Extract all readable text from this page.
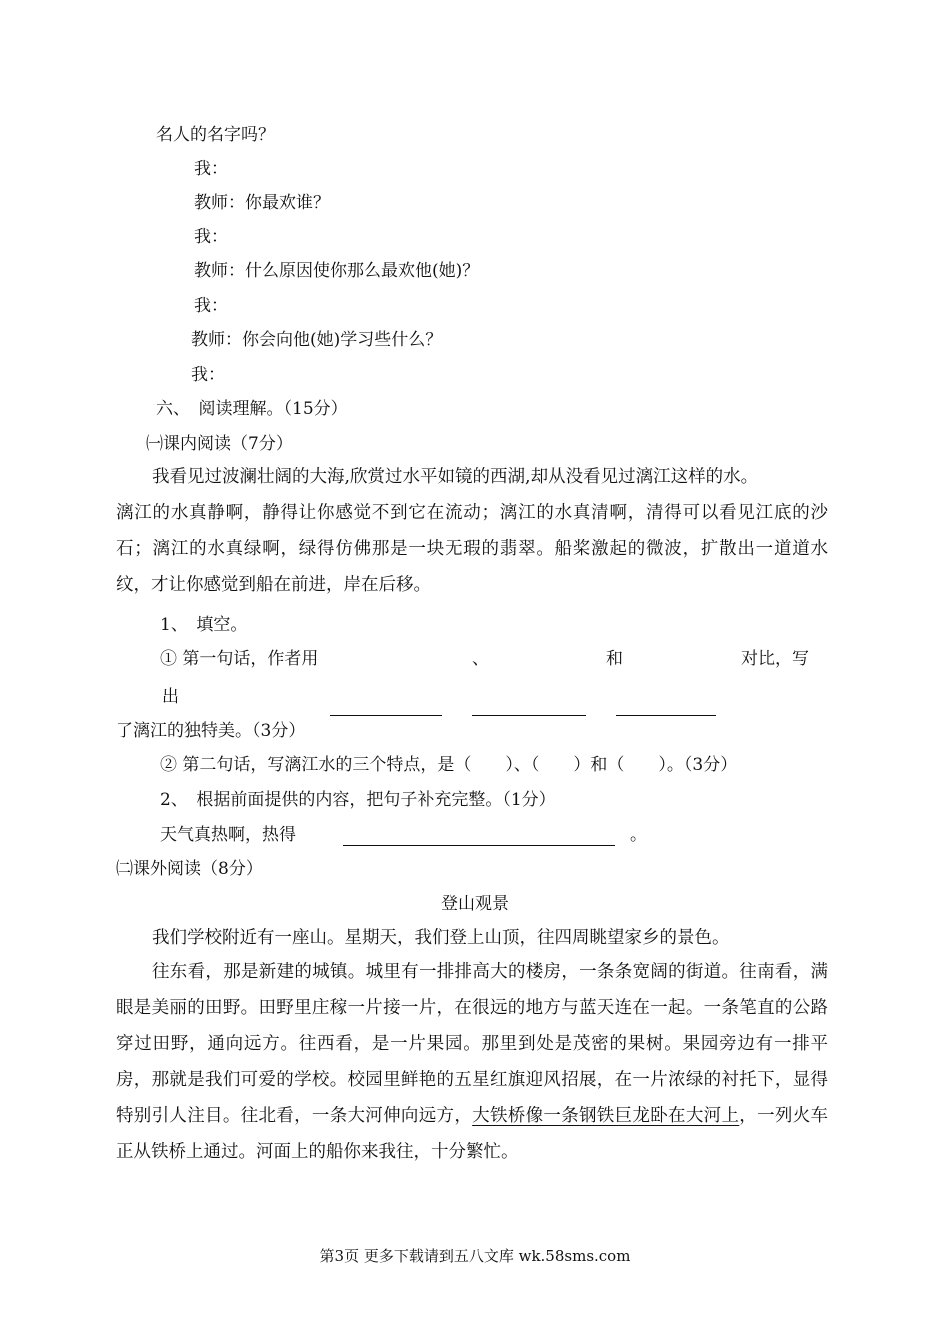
名人的名字吗？
我：
教师：你最欢谁？
我：
教师：什么原因使你那么最欢他(她)？
我：
教师：你会向他(她)学习些什么？
我：
六、　阅读理解。（15分）
㈠课内阅读（7分）
我看见过波澜壮阔的大海,欣赏过水平如镜的西湖,却从没看见过漓江这样的水。
漓江的水真静啊，静得让你感觉不到它在流动；漓江的水真清啊，清得可以看见江底的沙石；漓江的水真绿啊，绿得仿佛那是一块无瑕的翡翠。船桨激起的微波，扩散出一道道水纹，才让你感觉到船在前进，岸在后移。
1、　填空。
① 第一句话，作者用	、	和	对比，写
出
了漓江的独特美。（3分）
② 第二句话，写漓江水的三个特点，是（　　）、（　　）和（　　）。（3分）
2、　根据前面提供的内容，把句子补充完整。（1分）
天气真热啊，热得	。
㈡课外阅读（8分）
登山观景
我们学校附近有一座山。星期天，我们登上山顶，往四周眺望家乡的景色。
往东看，那是新建的城镇。城里有一排排高大的楼房，一条条宽阔的街道。往南看，满眼是美丽的田野。田野里庄稼一片接一片，在很远的地方与蓝天连在一起。一条笔直的公路穿过田野，通向远方。往西看，是一片果园。那里到处是茂密的果树。果园旁边有一排平房，那就是我们可爱的学校。校园里鲜艳的五星红旗迎风招展，在一片浓绿的衬托下，显得特别引人注目。往北看，一条大河伸向远方，大铁桥像一条钢铁巨龙卧在大河上，一列火车正从铁桥上通过。河面上的船你来我往，十分繁忙。
第3页 更多下载请到五八文库 wk.58sms.com
